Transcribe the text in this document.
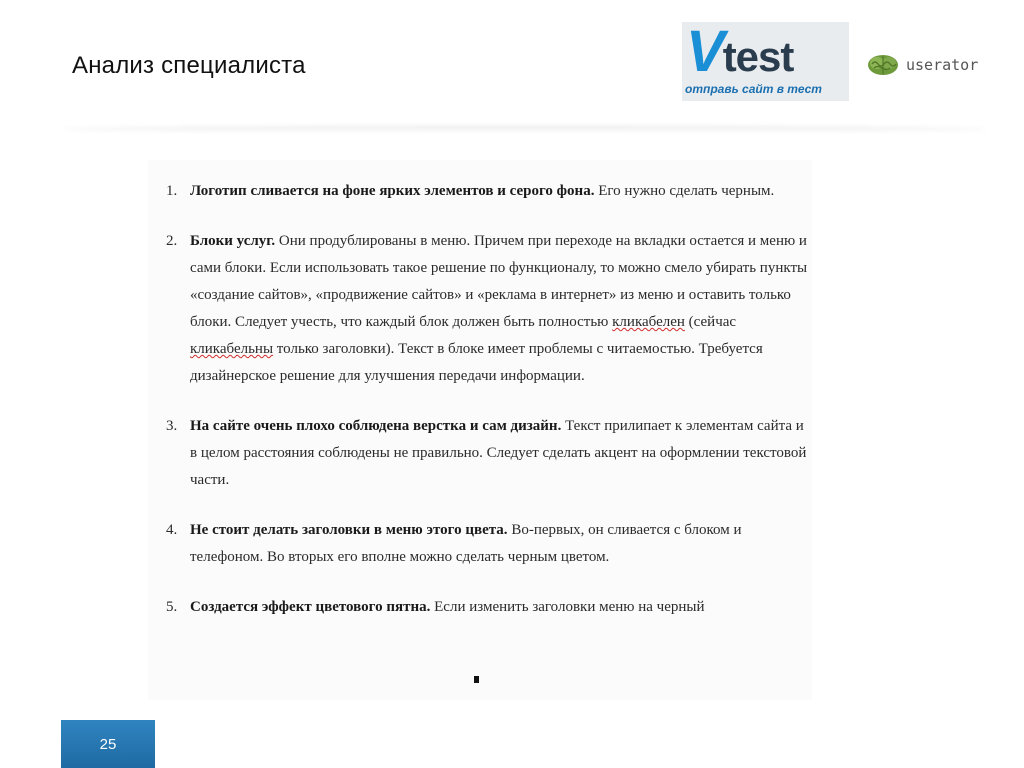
Анализ специалиста	Vtest
отправь сайт в тест
userator
1. Логотип сливается на фоне ярких элементов и серого фона. Его нужно сделать черным.
2. Блоки услуг. Они продублированы в меню. Причем при переходе на вкладки остается и меню и сами блоки. Если использовать такое решение по функционалу, то можно смело убирать пункты «создание сайтов», «продвижение сайтов» и «реклама в интернет» из меню и оставить только блоки. Следует учесть, что каждый блок должен быть полностью кликабелен (сейчас кликабельны только заголовки). Текст в блоке имеет проблемы с читаемостью. Требуется дизайнерское решение для улучшения передачи информации.
3. На сайте очень плохо соблюдена верстка и сам дизайн. Текст прилипает к элементам сайта и в целом расстояния соблюдены не правильно. Следует сделать акцент на оформлении текстовой части.
4. Не стоит делать заголовки в меню этого цвета. Во-первых, он сливается с блоком и телефоном. Во вторых его вполне можно сделать черным цветом.
5. Создается эффект цветового пятна. Если изменить заголовки меню на черный
25
